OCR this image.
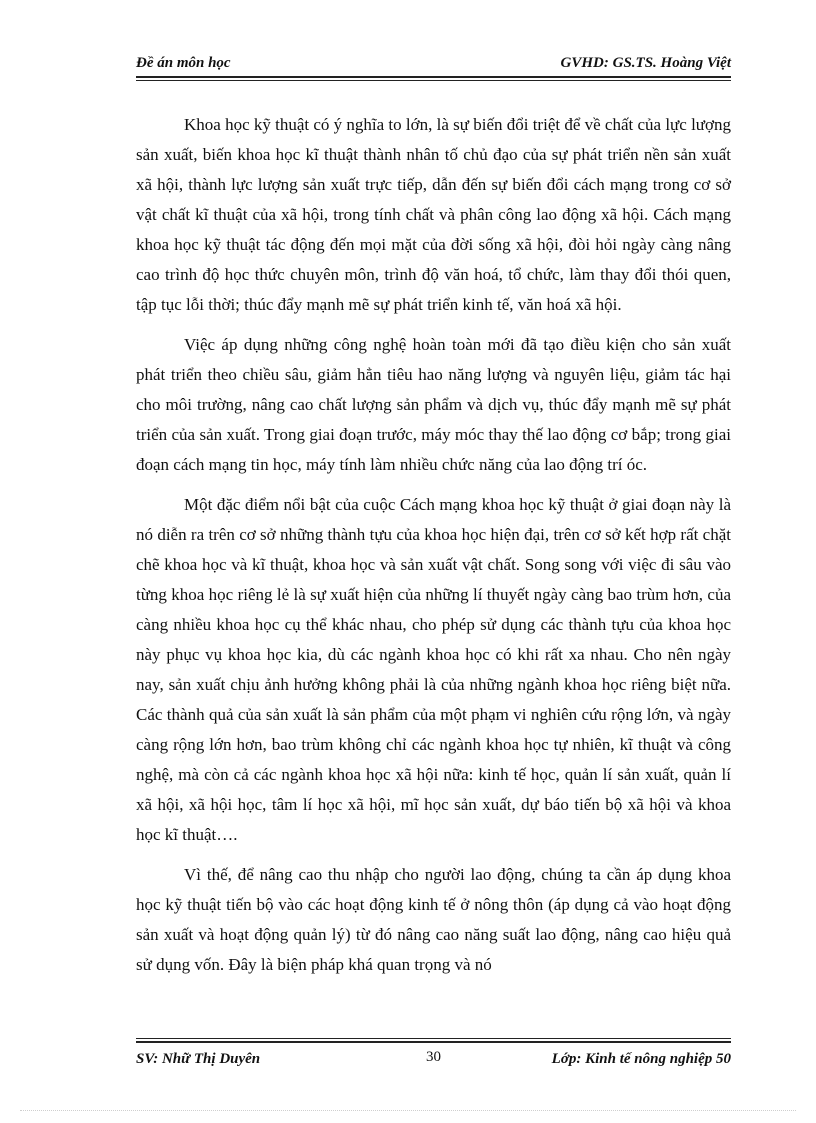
Đề án môn học	GVHD: GS.TS. Hoàng Việt

Khoa học kỹ thuật có ý nghĩa to lớn, là sự biến đổi triệt để về chất của lực lượng sản xuất, biến khoa học kĩ thuật thành nhân tố chủ đạo của sự phát triển nền sản xuất xã hội, thành lực lượng sản xuất trực tiếp, dẫn đến sự biến đổi cách mạng trong cơ sở vật chất kĩ thuật của xã hội, trong tính chất và phân công lao động xã hội. Cách mạng khoa học kỹ thuật tác động đến mọi mặt của đời sống xã hội, đòi hỏi ngày càng nâng cao trình độ học thức chuyên môn, trình độ văn hoá, tổ chức, làm thay đổi thói quen, tập tục lỗi thời; thúc đẩy mạnh mẽ sự phát triển kinh tế, văn hoá xã hội.

Việc áp dụng những công nghệ hoàn toàn mới đã tạo điều kiện cho sản xuất phát triển theo chiều sâu, giảm hẳn tiêu hao năng lượng và nguyên liệu, giảm tác hại cho môi trường, nâng cao chất lượng sản phẩm và dịch vụ, thúc đẩy mạnh mẽ sự phát triển của sản xuất. Trong giai đoạn trước, máy móc thay thế lao động cơ bắp; trong giai đoạn cách mạng tin học, máy tính làm nhiều chức năng của lao động trí óc.

Một đặc điểm nổi bật của cuộc Cách mạng khoa học kỹ thuật ở giai đoạn này là nó diễn ra trên cơ sở những thành tựu của khoa học hiện đại, trên cơ sở kết hợp rất chặt chẽ khoa học và kĩ thuật, khoa học và sản xuất vật chất. Song song với việc đi sâu vào từng khoa học riêng lẻ là sự xuất hiện của những lí thuyết ngày càng bao trùm hơn, của càng nhiều khoa học cụ thể khác nhau, cho phép sử dụng các thành tựu của khoa học này phục vụ khoa học kia, dù các ngành khoa học có khi rất xa nhau. Cho nên ngày nay, sản xuất chịu ảnh hưởng không phải là của những ngành khoa học riêng biệt nữa. Các thành quả của sản xuất là sản phẩm của một phạm vi nghiên cứu rộng lớn, và ngày càng rộng lớn hơn, bao trùm không chỉ các ngành khoa học tự nhiên, kĩ thuật và công nghệ, mà còn cả các ngành khoa học xã hội nữa: kinh tế học, quản lí sản xuất, quản lí xã hội, xã hội học, tâm lí học xã hội, mĩ học sản xuất, dự báo tiến bộ xã hội và khoa học kĩ thuật….

Vì thế, để nâng cao thu nhập cho người lao động, chúng ta cần áp dụng khoa học kỹ thuật tiến bộ vào các hoạt động kinh tế ở nông thôn (áp dụng cả vào hoạt động sản xuất và hoạt động quản lý) từ đó nâng cao năng suất lao động, nâng cao hiệu quả sử dụng vốn. Đây là biện pháp khá quan trọng và nó

SV: Nhữ Thị Duyên	30	Lớp: Kinh tế nông nghiệp 50
